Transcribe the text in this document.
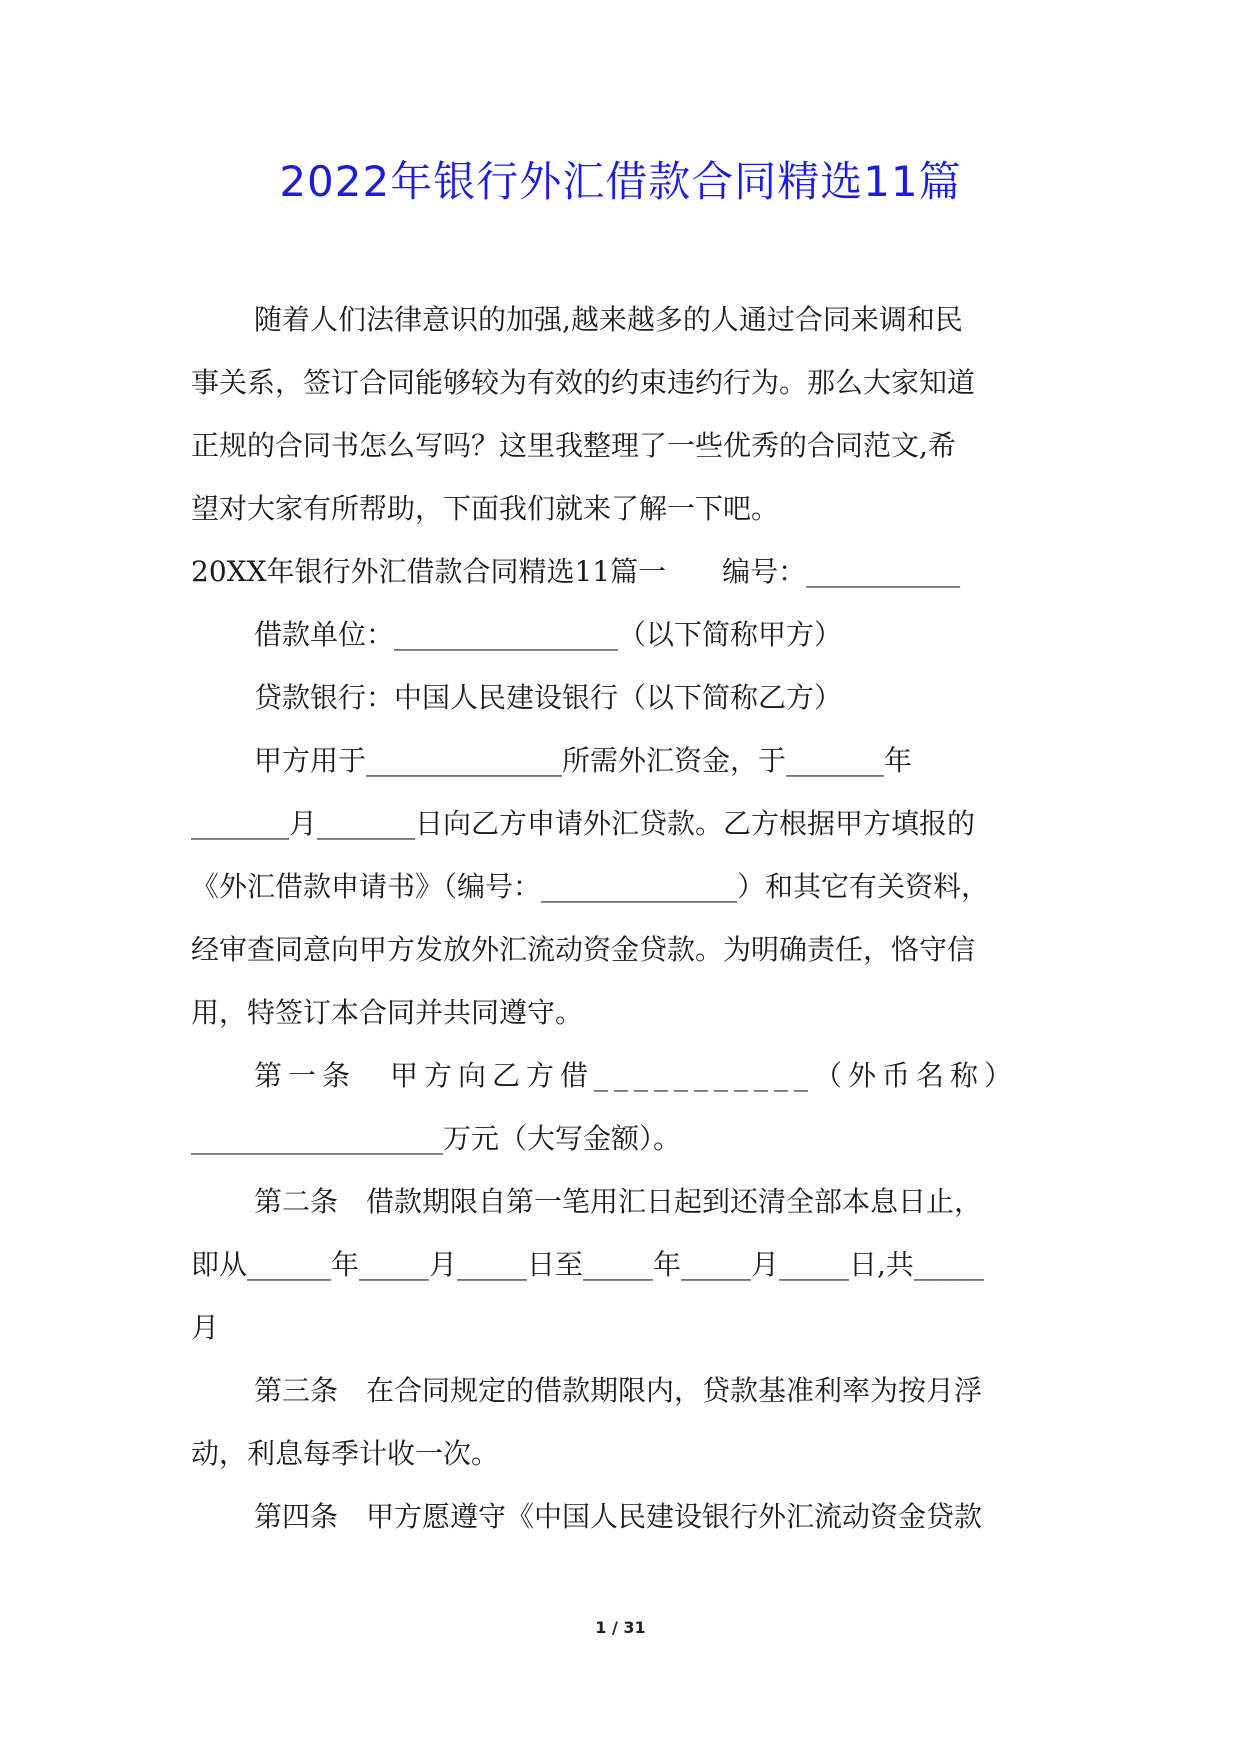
2022年银行外汇借款合同精选11篇

随着人们法律意识的加强,越来越多的人通过合同来调和民

事关系，签订合同能够较为有效的约束违约行为。那么大家知道

正规的合同书怎么写吗？这里我整理了一些优秀的合同范文,希

望对大家有所帮助，下面我们就来了解一下吧。

20XX年银行外汇借款合同精选11篇一 编号：___________

借款单位：________________（以下简称甲方）

贷款银行：中国人民建设银行（以下简称乙方）

甲方用于______________所需外汇资金，于_______年

_______月_______日向乙方申请外汇贷款。乙方根据甲方填报的

《外汇借款申请书》（编号：______________）和其它有关资料，

经审查同意向甲方发放外汇流动资金贷款。为明确责任，恪守信

用，特签订本合同并共同遵守。

第一条　甲方向乙方借___________（外币名称）

__________________万元（大写金额）。

第二条　借款期限自第一笔用汇日起到还清全部本息日止，

即从______年_____月_____日至_____年_____月_____日,共_____

月

第三条　在合同规定的借款期限内，贷款基准利率为按月浮

动，利息每季计收一次。

第四条　甲方愿遵守《中国人民建设银行外汇流动资金贷款

1 / 31
